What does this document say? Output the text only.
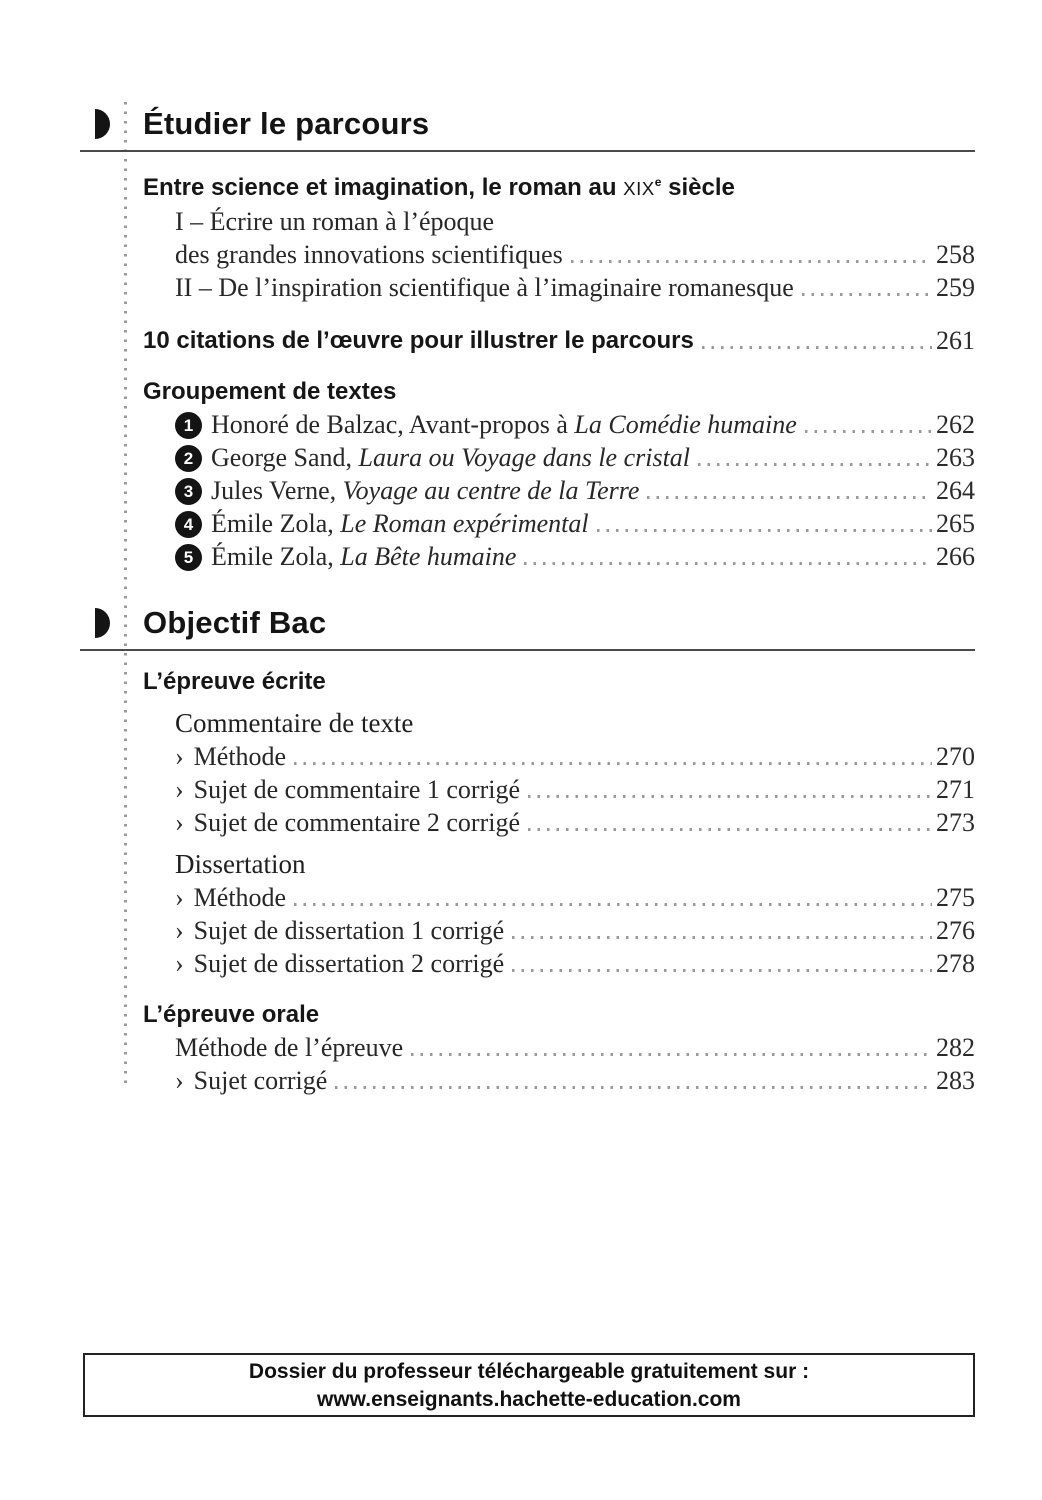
Étudier le parcours
Entre science et imagination, le roman au XIXe siècle
I – Écrire un roman à l’époque
des grandes innovations scientifiques	258
II – De l’inspiration scientifique à l’imaginaire romanesque	259
10 citations de l’œuvre pour illustrer le parcours	261
Groupement de textes
1 Honoré de Balzac, Avant-propos à La Comédie humaine	262
2 George Sand, Laura ou Voyage dans le cristal	263
3 Jules Verne, Voyage au centre de la Terre	264
4 Émile Zola, Le Roman expérimental	265
5 Émile Zola, La Bête humaine	266
Objectif Bac
L’épreuve écrite
Commentaire de texte
› Méthode	270
› Sujet de commentaire 1 corrigé	271
› Sujet de commentaire 2 corrigé	273
Dissertation
› Méthode	275
› Sujet de dissertation 1 corrigé	276
› Sujet de dissertation 2 corrigé	278
L’épreuve orale
Méthode de l’épreuve	282
› Sujet corrigé	283
Dossier du professeur téléchargeable gratuitement sur :
www.enseignants.hachette-education.com
